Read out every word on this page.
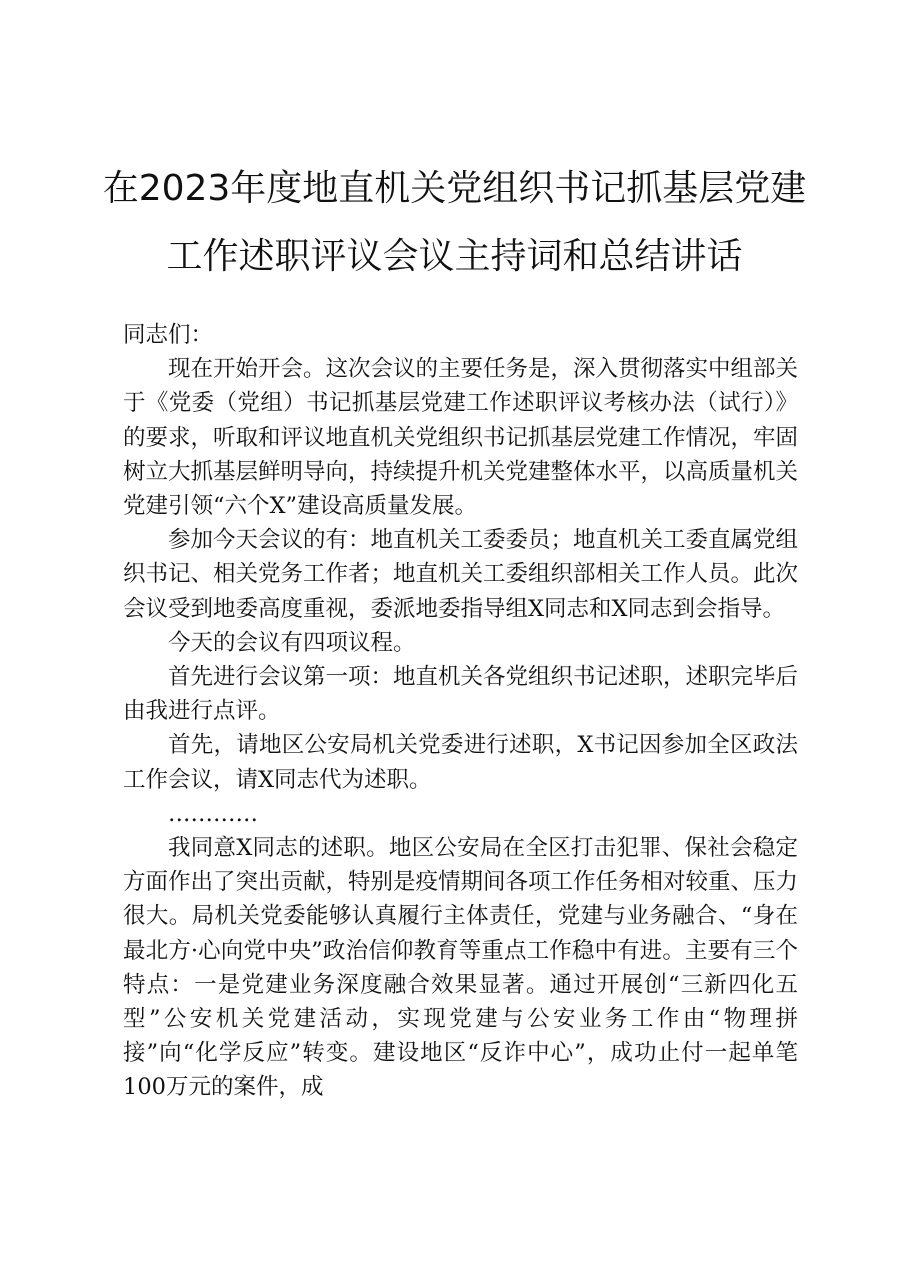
在2023年度地直机关党组织书记抓基层党建
工作述职评议会议主持词和总结讲话

同志们：

现在开始开会。这次会议的主要任务是，深入贯彻落实中组部关于《党委（党组）书记抓基层党建工作述职评议考核办法（试行）》的要求，听取和评议地直机关党组织书记抓基层党建工作情况，牢固树立大抓基层鲜明导向，持续提升机关党建整体水平，以高质量机关党建引领“六个X”建设高质量发展。

参加今天会议的有：地直机关工委委员；地直机关工委直属党组织书记、相关党务工作者；地直机关工委组织部相关工作人员。此次会议受到地委高度重视，委派地委指导组X同志和X同志到会指导。

今天的会议有四项议程。

首先进行会议第一项：地直机关各党组织书记述职，述职完毕后由我进行点评。

首先，请地区公安局机关党委进行述职，X书记因参加全区政法工作会议，请X同志代为述职。

…………

我同意X同志的述职。地区公安局在全区打击犯罪、保社会稳定方面作出了突出贡献，特别是疫情期间各项工作任务相对较重、压力很大。局机关党委能够认真履行主体责任，党建与业务融合、“身在最北方·心向党中央”政治信仰教育等重点工作稳中有进。主要有三个特点：一是党建业务深度融合效果显著。通过开展创“三新四化五型”公安机关党建活动，实现党建与公安业务工作由“物理拼接”向“化学反应”转变。建设地区“反诈中心”，成功止付一起单笔100万元的案件，成
